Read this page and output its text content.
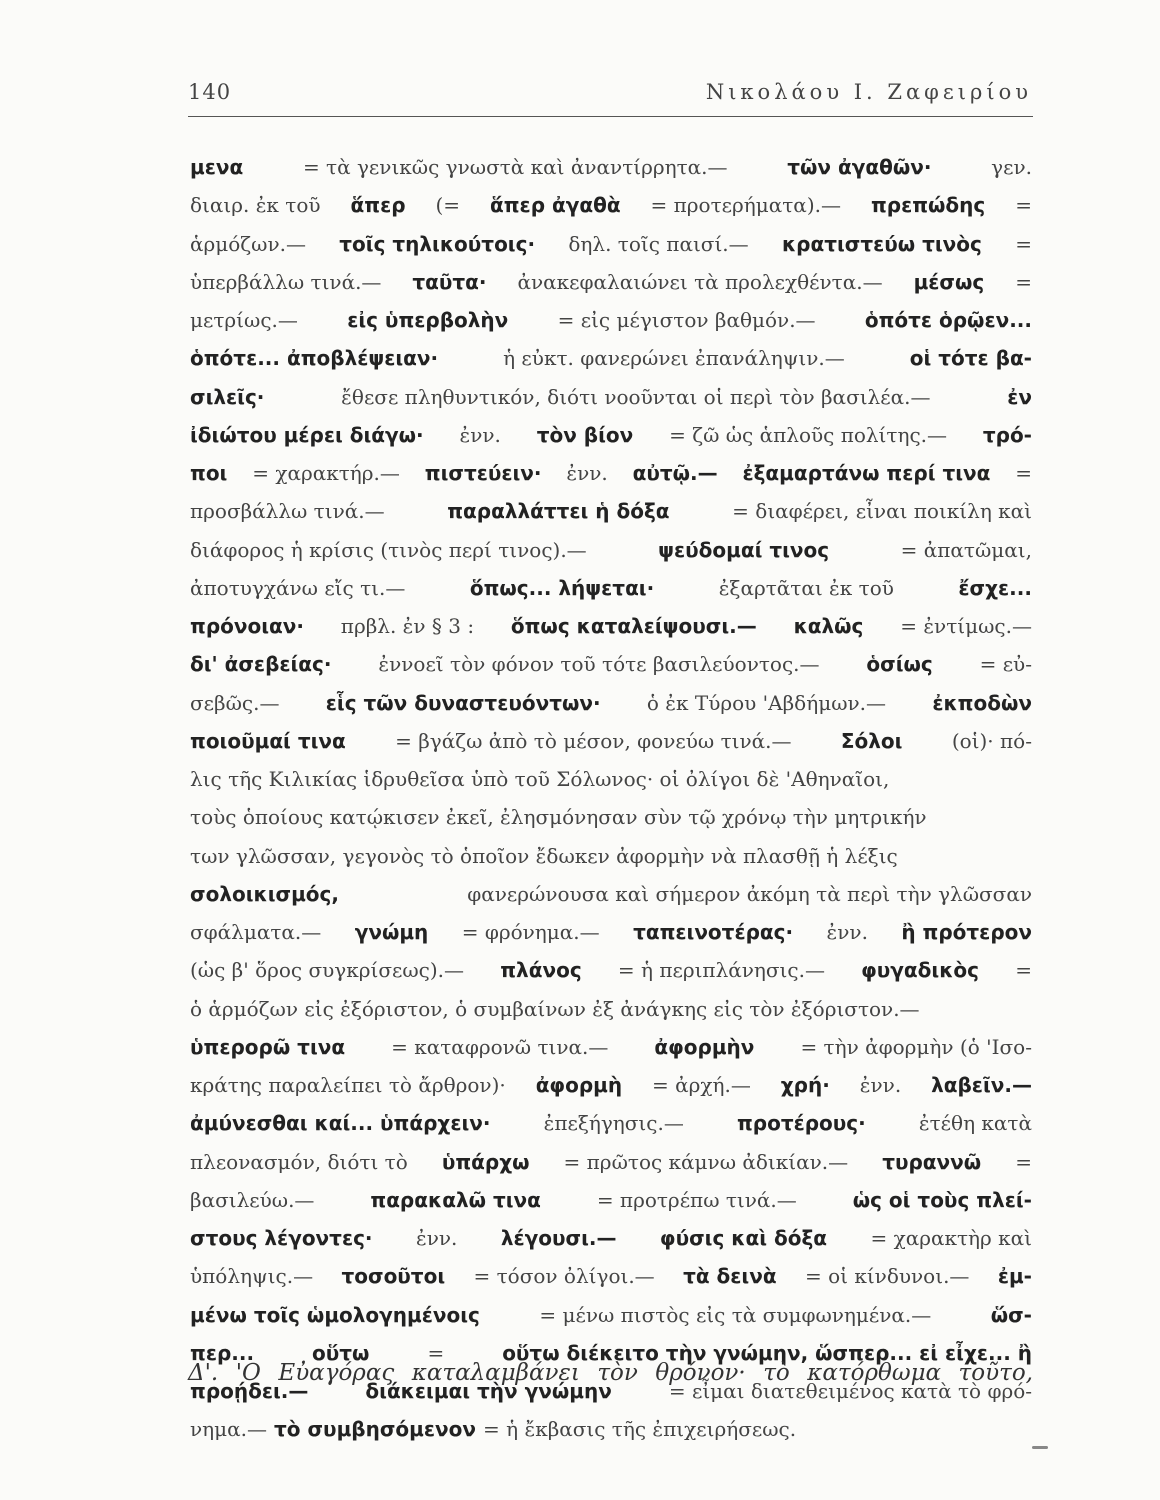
140	Νικολάου Ι. Ζαφειρίου
μενα	= τὰ γενικῶς γνωστὰ καὶ ἀναντίρρητα.—	τῶν ἀγαθῶν·	γεν.
διαιρ. ἐκ τοῦ ἅπερ (= ἅπερ ἀγαθὰ = προτερήματα).— πρεπώδης =
ἁρμόζων.— τοῖς τηλικούτοις· δηλ. τοῖς παισί.— κρατιστεύω τινὸς =
ὑπερβάλλω τινά.— ταῦτα· ἀνακεφαλαιώνει τὰ προλεχθέντα.— μέσως =
μετρίως.— εἰς ὑπερβολὴν = εἰς μέγιστον βαθμόν.— ὁπότε ὁρῷεν...
ὁπότε... ἀποβλέψειαν·	ἡ εὐκτ. φανερώνει ἐπανάληψιν.—	οἱ τότε βα-
σιλεῖς·	ἔθεσε πληθυντικόν, διότι νοοῦνται οἱ περὶ τὸν βασιλέα.—	ἐν
ἰδιώτου μέρει διάγω· ἐνν. τὸν βίον = ζῶ ὡς ἁπλοῦς πολίτης.— τρό-
ποι = χαρακτήρ.— πιστεύειν· ἐνν. αὐτῷ.— ἐξαμαρτάνω περί τινα =
προσβάλλω τινά.—	παραλλάττει ἡ δόξα	= διαφέρει, εἶναι ποικίλη καὶ
διάφορος ἡ κρίσις (τινὸς περί τινος).—	ψεύδομαί τινος	= ἀπατῶμαι,
ἀποτυγχάνω εἴς τι.—	ὅπως... λήψεται·	ἐξαρτᾶται ἐκ τοῦ	ἔσχε...
πρόνοιαν· πρβλ. ἐν § 3 : ὅπως καταλείψουσι.— καλῶς = ἐντίμως.—
δι' ἀσεβείας· ἐννοεῖ τὸν φόνον τοῦ τότε βασιλεύοντος.— ὁσίως = εὐ-
σεβῶς.— εἷς τῶν δυναστευόντων· ὁ ἐκ Τύρου 'Αβδήμων.— ἐκποδὼν
ποιοῦμαί τινα = βγάζω ἀπὸ τὸ μέσον, φονεύω τινά.— Σόλοι (οἱ)· πό-
λις τῆς Κιλικίας ἱδρυθεῖσα ὑπὸ τοῦ Σόλωνος· οἱ ὀλίγοι δὲ 'Αθηναῖοι,
τοὺς ὁποίους κατῴκισεν ἐκεῖ, ἐλησμόνησαν σὺν τῷ χρόνῳ τὴν μητρικήν
των γλῶσσαν, γεγονὸς τὸ ὁποῖον ἔδωκεν ἀφορμὴν νὰ πλασθῇ ἡ λέξις
σολοικισμός,	φανερώνουσα καὶ σήμερον ἀκόμη τὰ περὶ τὴν γλῶσσαν
σφάλματα.— γνώμη = φρόνημα.— ταπεινοτέρας· ἐνν. ἢ πρότερον
(ὡς β' ὅρος συγκρίσεως).— πλάνος = ἡ περιπλάνησις.— φυγαδικὸς =
ὁ ἁρμόζων εἰς ἐξόριστον, ὁ συμβαίνων ἐξ ἀνάγκης εἰς τὸν ἐξόριστον.—
ὑπερορῶ τινα = καταφρονῶ τινα.— ἀφορμὴν = τὴν ἀφορμὴν (ὁ 'Ισο-
κράτης παραλείπει τὸ ἄρθρον)· ἀφορμὴ = ἀρχή.— χρή· ἐνν. λαβεῖν.—
ἀμύνεσθαι καί... ὑπάρχειν·	ἐπεξήγησις.—	προτέρους·	ἐτέθη κατὰ
πλεονασμόν, διότι τὸ ὑπάρχω = πρῶτος κάμνω ἀδικίαν.— τυραννῶ =
βασιλεύω.—	παρακαλῶ τινα	= προτρέπω τινά.—	ὡς οἱ τοὺς πλεί-
στους λέγοντες· ἐνν. λέγουσι.— φύσις καὶ δόξα = χαρακτὴρ καὶ
ὑπόληψις.— τοσοῦτοι = τόσον ὀλίγοι.— τὰ δεινὰ = οἱ κίνδυνοι.— ἐμ-
μένω τοῖς ὡμολογημένοις	= μένω πιστὸς εἰς τὰ συμφωνημένα.—	ὥσ-
περ...	οὕτω	=	οὕτω διέκειτο τὴν γνώμην, ὥσπερ... εἰ εἶχε... ἢ
προῄδει.—	διάκειμαι τὴν γνώμην	= εἶμαι διατεθειμένος κατὰ τὸ φρό-
νημα.— τὸ συμβησόμενον = ἡ ἔκβασις τῆς ἐπιχειρήσεως.
Δ'. 'Ο Εὐαγόρας καταλαμβάνει τὸν θρόνον· τὸ κατόρθωμα τοῦτο,
